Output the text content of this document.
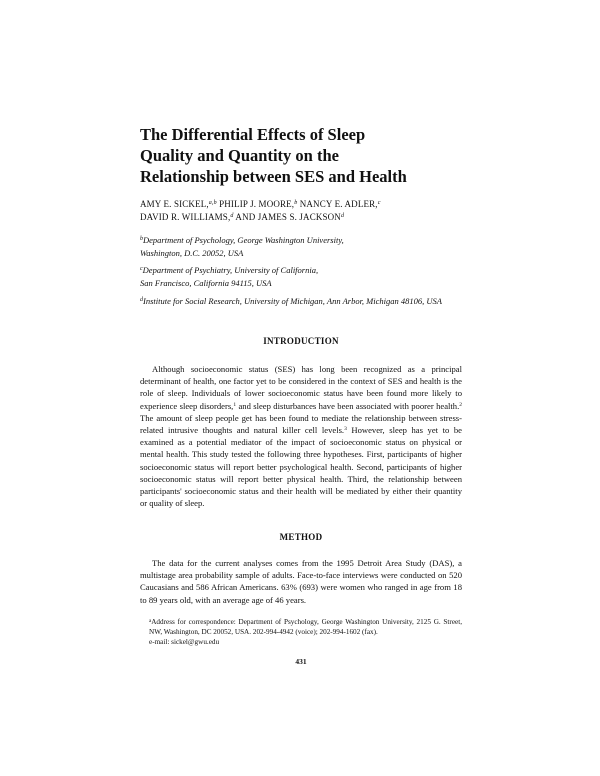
The Differential Effects of Sleep
Quality and Quantity on the
Relationship between SES and Health
AMY E. SICKEL,$^{a,b}$ PHILIP J. MOORE,$^b$ NANCY E. ADLER,$^c$
DAVID R. WILLIAMS,$^d$ AND JAMES S. JACKSON$^d$
$^b$Department of Psychology, George Washington University,
Washington, D.C. 20052, USA
$^c$Department of Psychiatry, University of California,
San Francisco, California 94115, USA
$^d$Institute for Social Research, University of Michigan, Ann Arbor, Michigan 48106, USA
INTRODUCTION

Although socioeconomic status (SES) has long been recognized as a principal determinant of health, one factor yet to be considered in the context of SES and health is the role of sleep. Individuals of lower socioeconomic status have been found more likely to experience sleep disorders,$^1$ and sleep disturbances have been associated with poorer health.$^2$ The amount of sleep people get has been found to mediate the relationship between stress-related intrusive thoughts and natural killer cell levels.$^3$ However, sleep has yet to be examined as a potential mediator of the impact of socioeconomic status on physical or mental health. This study tested the following three hypotheses. First, participants of higher socioeconomic status will report better psychological health. Second, participants of higher socioeconomic status will report better physical health. Third, the relationship between participants' socioeconomic status and their health will be mediated by either their quantity or quality of sleep.

METHOD

The data for the current analyses comes from the 1995 Detroit Area Study (DAS), a multistage area probability sample of adults. Face-to-face interviews were conducted on 520 Caucasians and 586 African Americans. 63% (693) were women who ranged in age from 18 to 89 years old, with an average age of 46 years.

$^a$Address for correspondence: Department of Psychology, George Washington University, 2125 G. Street, NW, Washington, DC 20052, USA. 202-994-4942 (voice); 202-994-1602 (fax).
e-mail: sickel@gwu.edu
431
